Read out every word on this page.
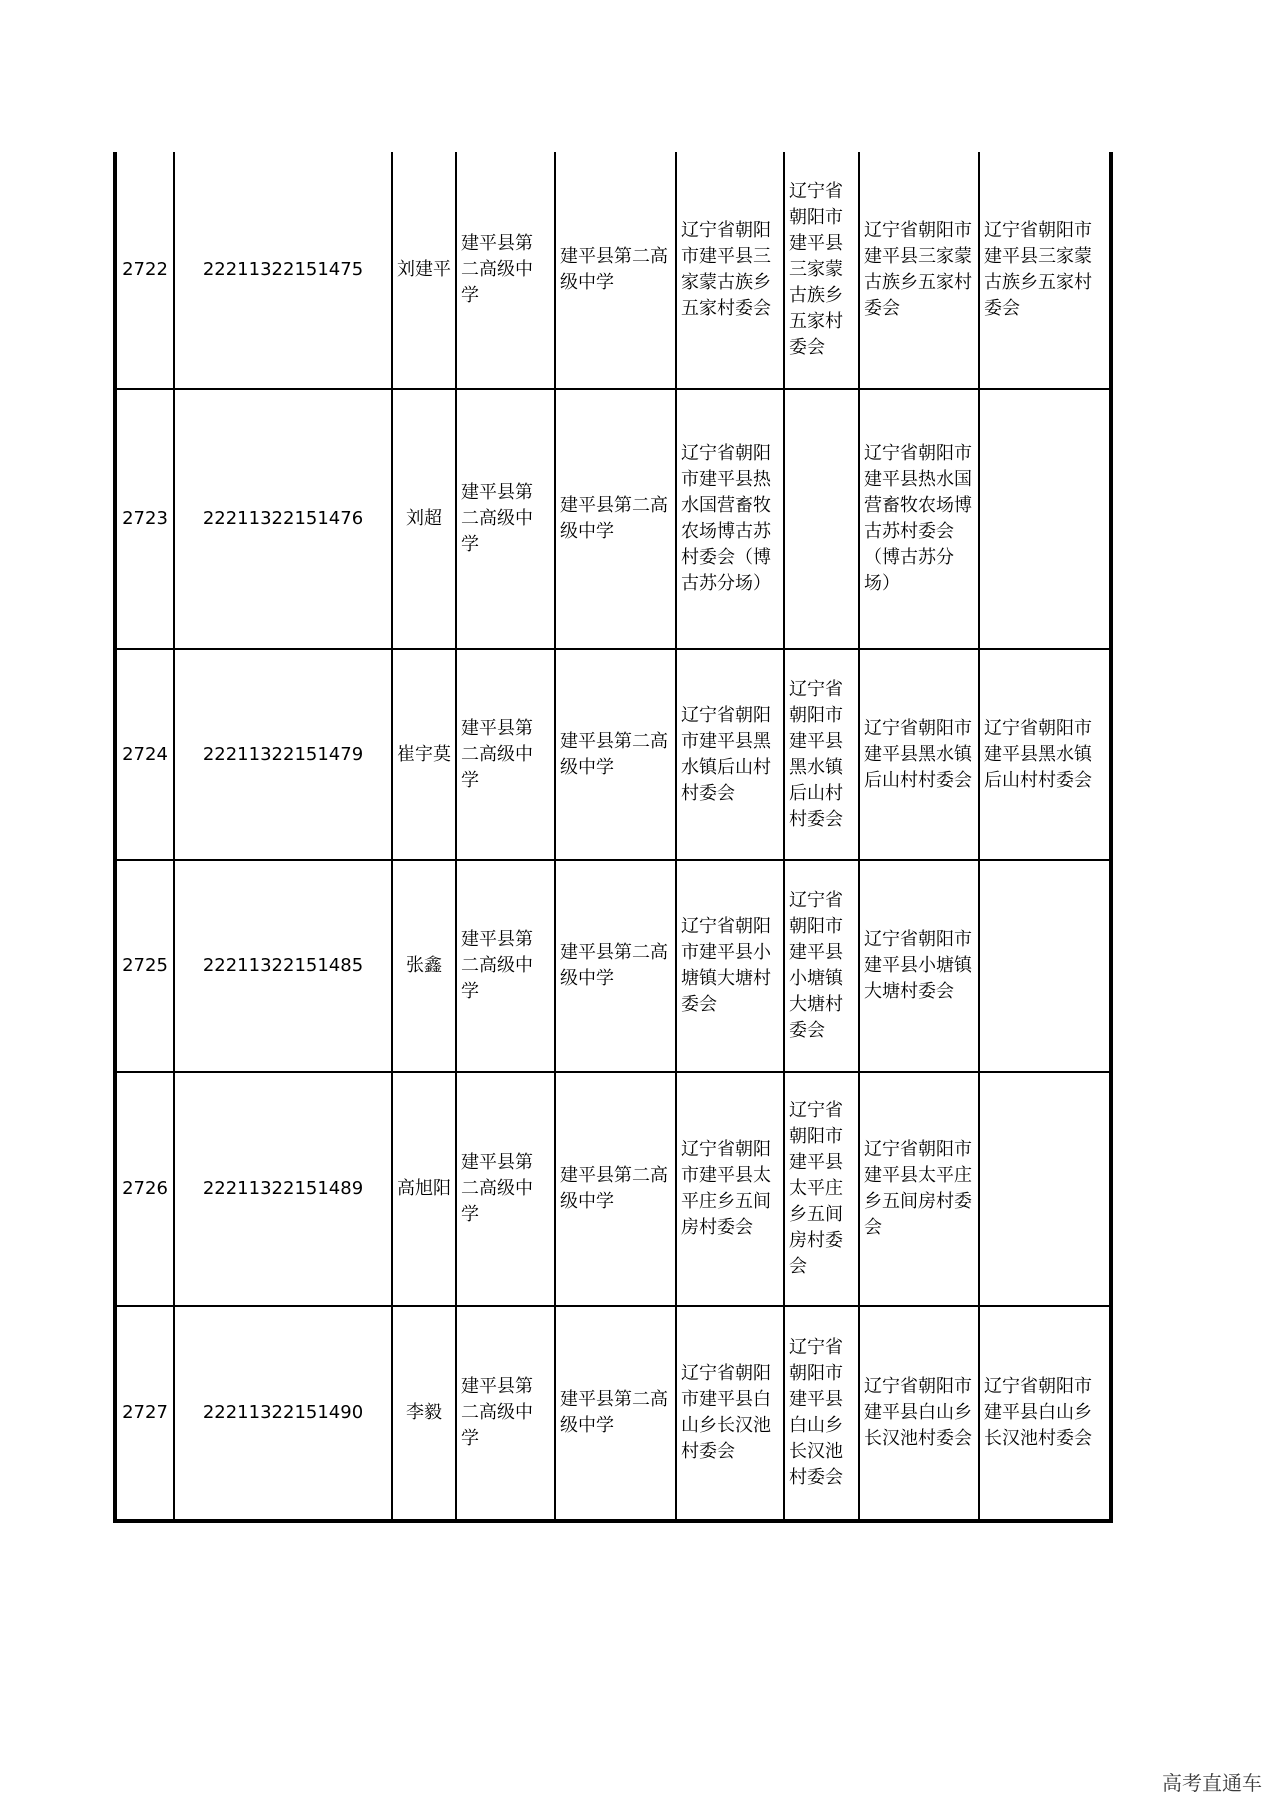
2722	22211322151475	刘建平	建平县第二高级中学	建平县第二高级中学	辽宁省朝阳市建平县三家蒙古族乡五家村委会	辽宁省朝阳市建平县三家蒙古族乡五家村委会	辽宁省朝阳市建平县三家蒙古族乡五家村委会	辽宁省朝阳市建平县三家蒙古族乡五家村委会
2723	22211322151476	刘超	建平县第二高级中学	建平县第二高级中学	辽宁省朝阳市建平县热水国营畜牧农场博古苏村委会（博古苏分场）		辽宁省朝阳市建平县热水国营畜牧农场博古苏村委会（博古苏分场）	
2724	22211322151479	崔宇莫	建平县第二高级中学	建平县第二高级中学	辽宁省朝阳市建平县黑水镇后山村村委会	辽宁省朝阳市建平县黑水镇后山村村委会	辽宁省朝阳市建平县黑水镇后山村村委会	辽宁省朝阳市建平县黑水镇后山村村委会
2725	22211322151485	张鑫	建平县第二高级中学	建平县第二高级中学	辽宁省朝阳市建平县小塘镇大塘村委会	辽宁省朝阳市建平县小塘镇大塘村委会	辽宁省朝阳市建平县小塘镇大塘村委会	
2726	22211322151489	高旭阳	建平县第二高级中学	建平县第二高级中学	辽宁省朝阳市建平县太平庄乡五间房村委会	辽宁省朝阳市建平县太平庄乡五间房村委会	辽宁省朝阳市建平县太平庄乡五间房村委会	
2727	22211322151490	李毅	建平县第二高级中学	建平县第二高级中学	辽宁省朝阳市建平县白山乡长汉池村委会	辽宁省朝阳市建平县白山乡长汉池村委会	辽宁省朝阳市建平县白山乡长汉池村委会	辽宁省朝阳市建平县白山乡长汉池村委会
高考直通车
